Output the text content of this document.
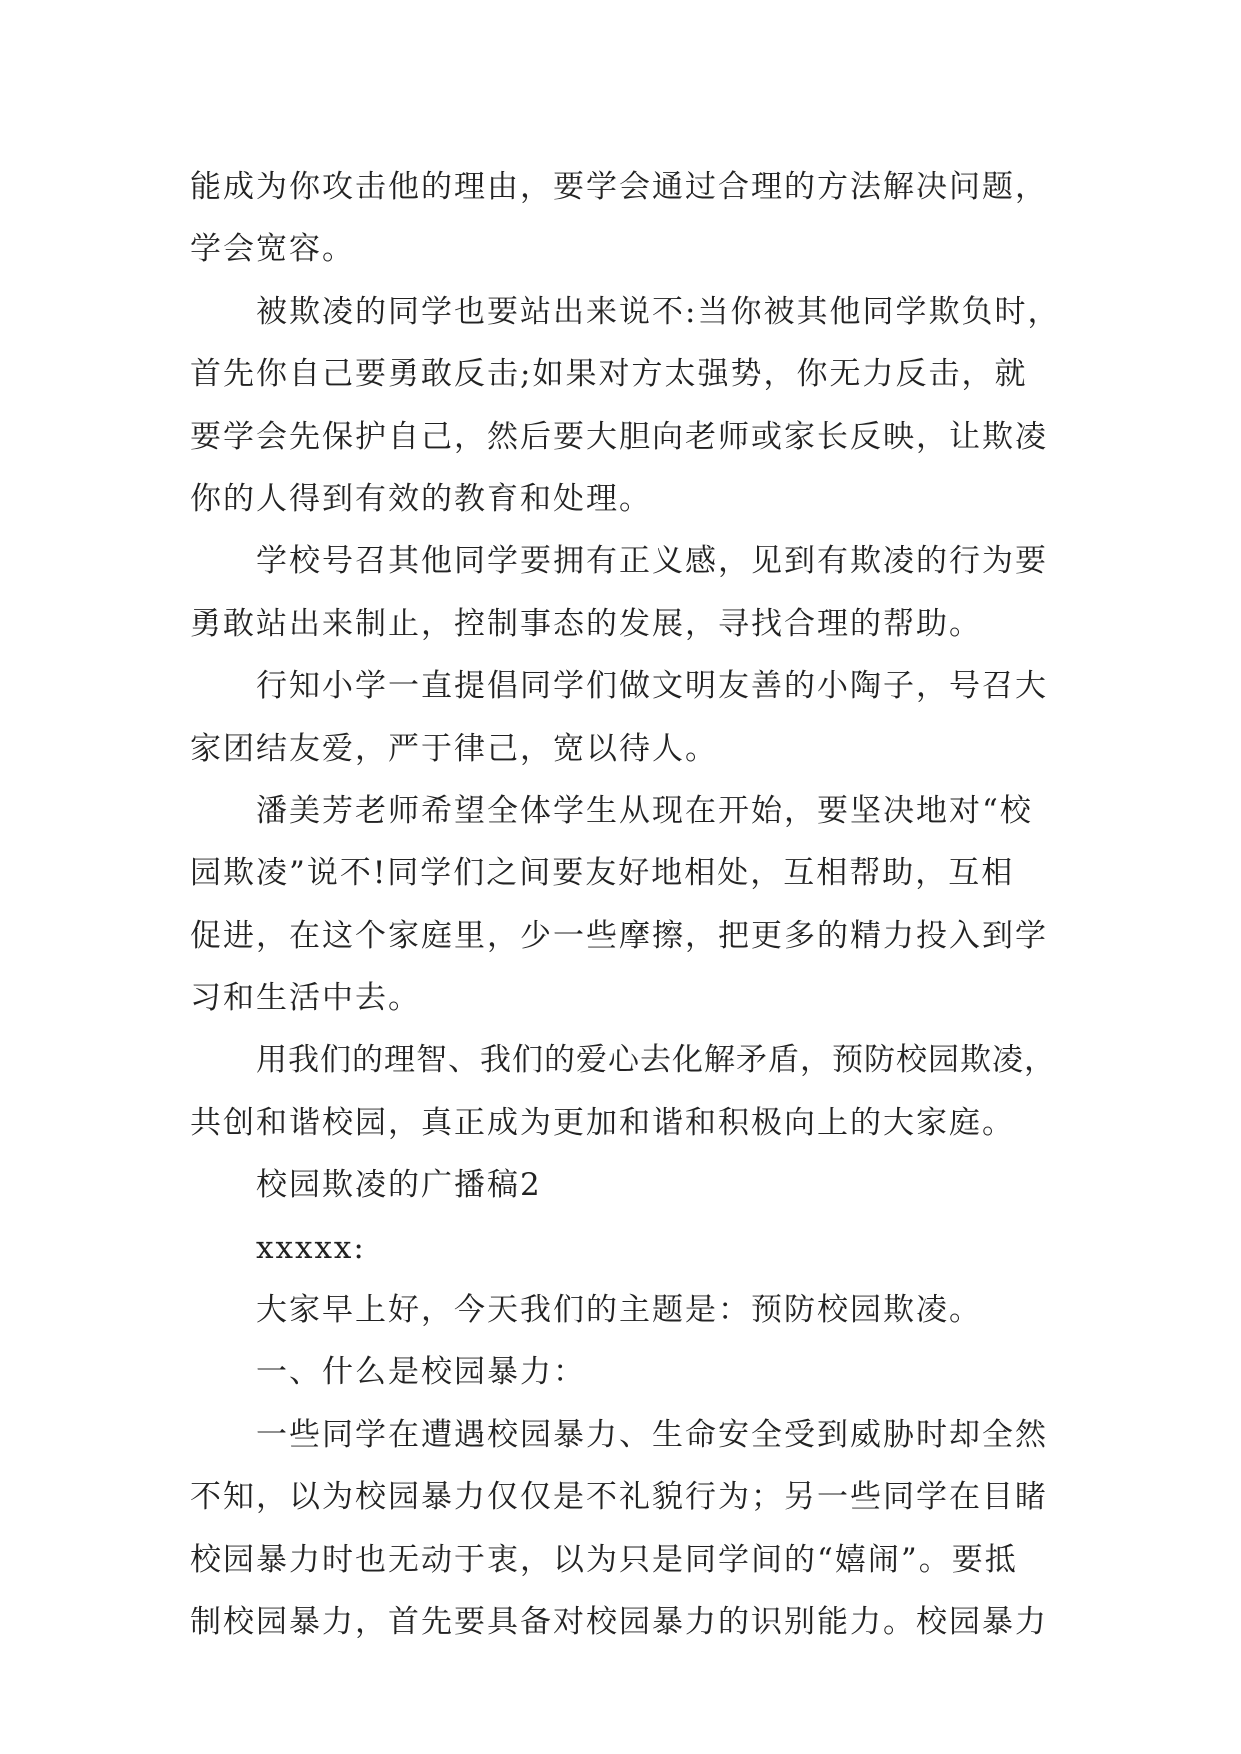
能成为你攻击他的理由，要学会通过合理的方法解决问题，
学会宽容。
被欺凌的同学也要站出来说不:当你被其他同学欺负时，
首先你自己要勇敢反击;如果对方太强势，你无力反击，就
要学会先保护自己，然后要大胆向老师或家长反映，让欺凌
你的人得到有效的教育和处理。
学校号召其他同学要拥有正义感，见到有欺凌的行为要
勇敢站出来制止，控制事态的发展，寻找合理的帮助。
行知小学一直提倡同学们做文明友善的小陶子，号召大
家团结友爱，严于律己，宽以待人。
潘美芳老师希望全体学生从现在开始，要坚决地对“校
园欺凌”说不!同学们之间要友好地相处，互相帮助，互相
促进，在这个家庭里，少一些摩擦，把更多的精力投入到学
习和生活中去。
用我们的理智、我们的爱心去化解矛盾，预防校园欺凌，
共创和谐校园，真正成为更加和谐和积极向上的大家庭。
校园欺凌的广播稿2
xxxxx:
大家早上好，今天我们的主题是：预防校园欺凌。
一、什么是校园暴力：
一些同学在遭遇校园暴力、生命安全受到威胁时却全然
不知，以为校园暴力仅仅是不礼貌行为；另一些同学在目睹
校园暴力时也无动于衷，以为只是同学间的“嬉闹”。要抵
制校园暴力，首先要具备对校园暴力的识别能力。校园暴力
